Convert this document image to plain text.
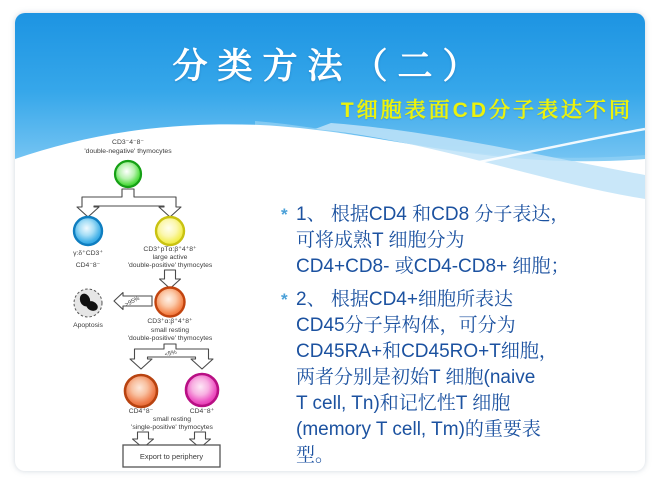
分类方法（二）
T细胞表面CD分子表达不同
* 1、 根据CD4 和CD8 分子表达，
可将成熟T 细胞分为
CD4+CD8- 或CD4-CD8+ 细胞；
* 2、 根据CD4+细胞所表达
CD45分子异构体，可分为
CD45RA+和CD45RO+T细胞，
两者分别是初始T 细胞(naive
T cell, Tn)和记忆性T 细胞
(memory T cell, Tm)的重要表
型。
CD3⁻4⁻8⁻
'double-negative' thymocytes
γ:δ⁺CD3⁺
CD4⁻8⁻
CD3⁺pTα:β⁺4⁺8⁺
large active
'double-positive' thymocytes
>95%
Apoptosis
CD3⁺α:β⁺4⁺8⁺
small resting
'double-positive' thymocytes
<5%
CD4⁺8⁻	CD4⁻8⁺
small resting
'single-positive' thymocytes
Export to periphery
